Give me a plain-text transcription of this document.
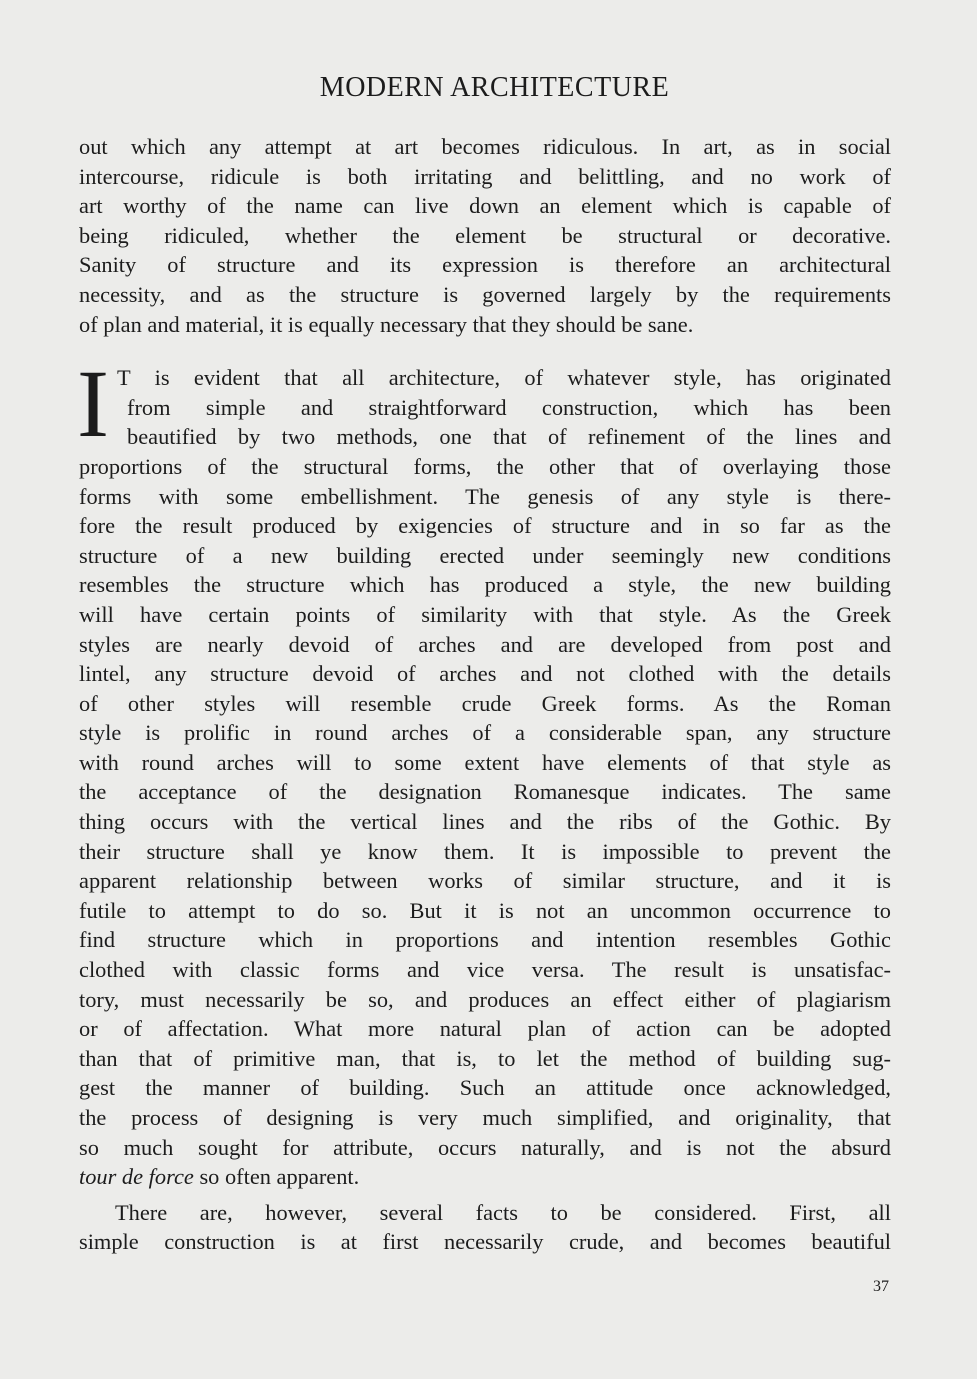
MODERN ARCHITECTURE
out which any attempt at art becomes ridiculous. In art, as in social
intercourse, ridicule is both irritating and belittling, and no work of
art worthy of the name can live down an element which is capable of
being ridiculed, whether the element be structural or decorative.
Sanity of structure and its expression is therefore an architectural
necessity, and as the structure is governed largely by the requirements
of plan and material, it is equally necessary that they should be sane.
I T is evident that all architecture, of whatever style, has originated
from simple and straightforward construction, which has been
beautified by two methods, one that of refinement of the lines and
proportions of the structural forms, the other that of overlaying those
forms with some embellishment. The genesis of any style is there-
fore the result produced by exigencies of structure and in so far as the
structure of a new building erected under seemingly new conditions
resembles the structure which has produced a style, the new building
will have certain points of similarity with that style. As the Greek
styles are nearly devoid of arches and are developed from post and
lintel, any structure devoid of arches and not clothed with the details
of other styles will resemble crude Greek forms. As the Roman
style is prolific in round arches of a considerable span, any structure
with round arches will to some extent have elements of that style as
the acceptance of the designation Romanesque indicates. The same
thing occurs with the vertical lines and the ribs of the Gothic. By
their structure shall ye know them. It is impossible to prevent the
apparent relationship between works of similar structure, and it is
futile to attempt to do so. But it is not an uncommon occurrence to
find structure which in proportions and intention resembles Gothic
clothed with classic forms and vice versa. The result is unsatisfac-
tory, must necessarily be so, and produces an effect either of plagiarism
or of affectation. What more natural plan of action can be adopted
than that of primitive man, that is, to let the method of building sug-
gest the manner of building. Such an attitude once acknowledged,
the process of designing is very much simplified, and originality, that
so much sought for attribute, occurs naturally, and is not the absurd
tour de force so often apparent.
There are, however, several facts to be considered. First, all
simple construction is at first necessarily crude, and becomes beautiful
37
